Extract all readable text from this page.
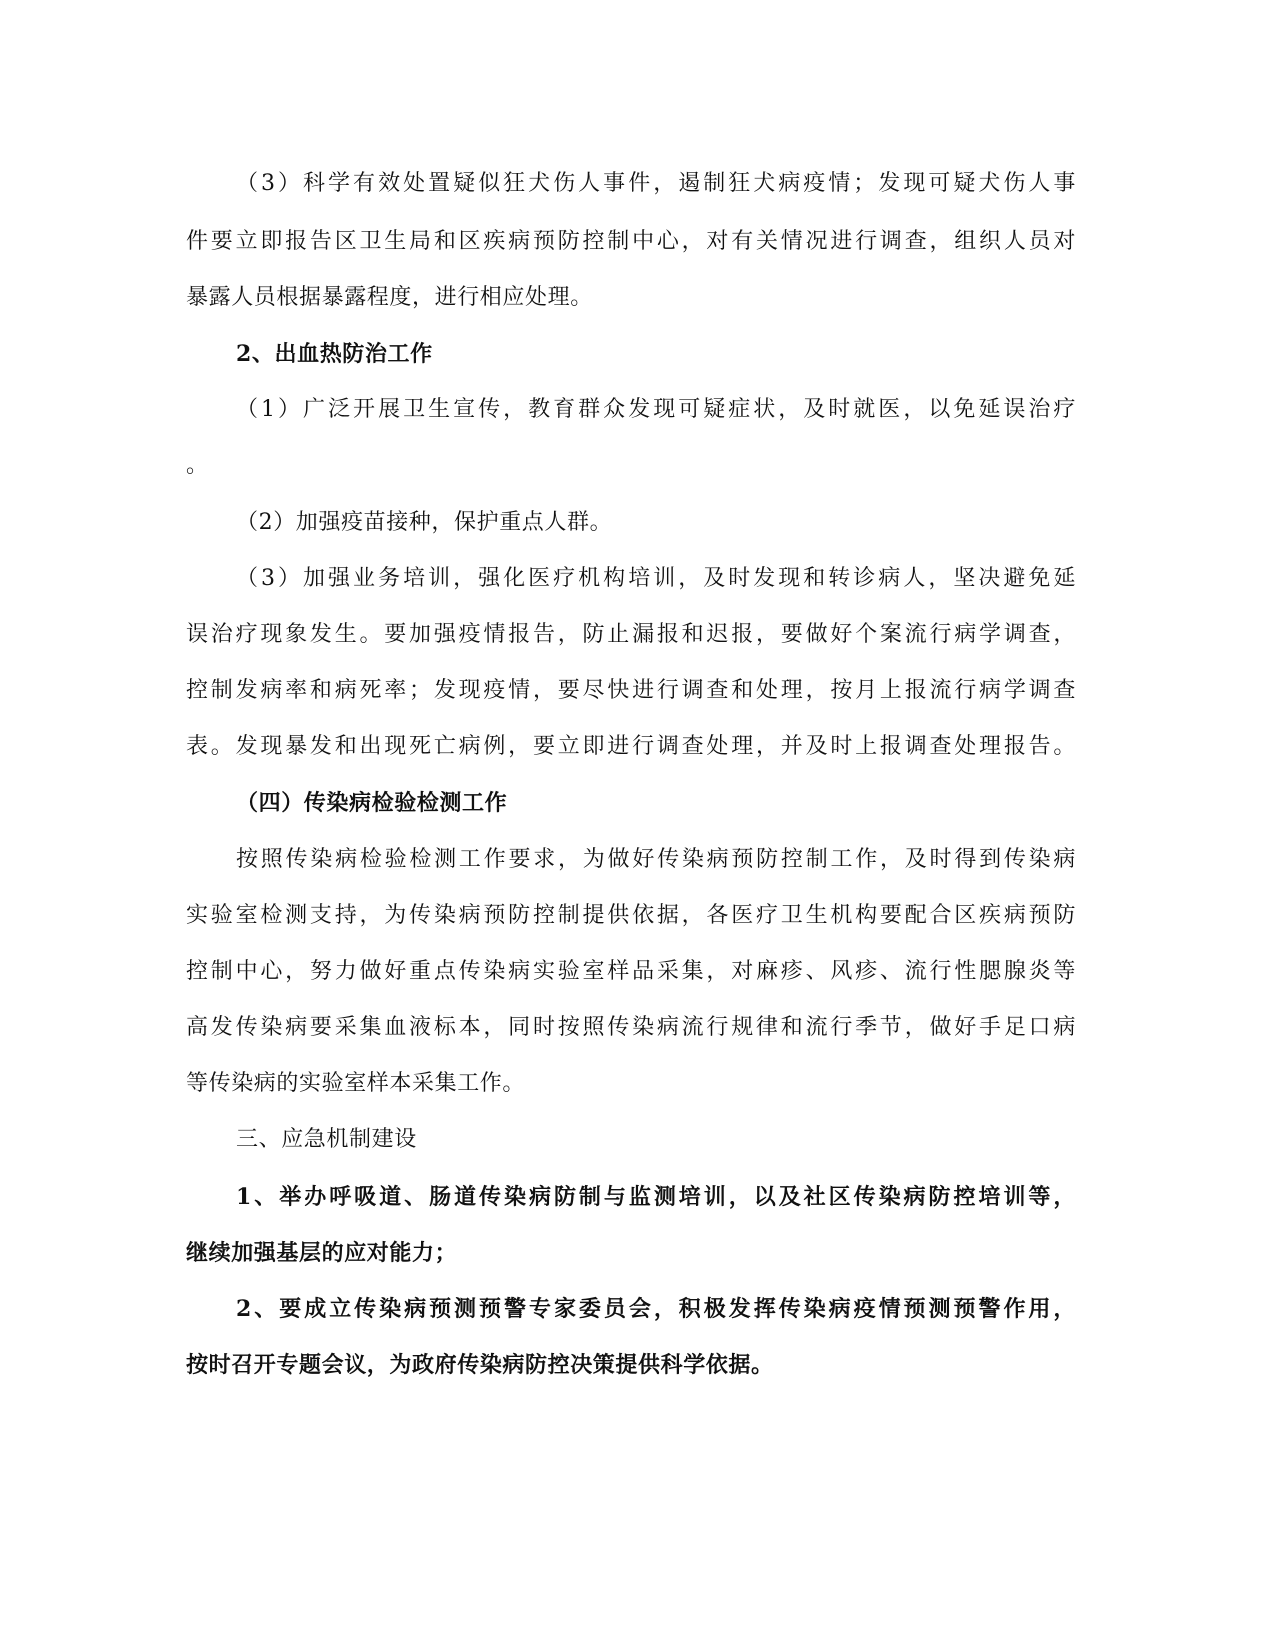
（3）科学有效处置疑似狂犬伤人事件，遏制狂犬病疫情；发现可疑犬伤人事
件要立即报告区卫生局和区疾病预防控制中心，对有关情况进行调查，组织人员对
暴露人员根据暴露程度，进行相应处理。
2、出血热防治工作
（1）广泛开展卫生宣传，教育群众发现可疑症状，及时就医，以免延误治疗
。
（2）加强疫苗接种，保护重点人群。
（3）加强业务培训，强化医疗机构培训，及时发现和转诊病人，坚决避免延
误治疗现象发生。要加强疫情报告，防止漏报和迟报，要做好个案流行病学调查，
控制发病率和病死率；发现疫情，要尽快进行调查和处理，按月上报流行病学调查
表。发现暴发和出现死亡病例，要立即进行调查处理，并及时上报调查处理报告。
（四）传染病检验检测工作
按照传染病检验检测工作要求，为做好传染病预防控制工作，及时得到传染病
实验室检测支持，为传染病预防控制提供依据，各医疗卫生机构要配合区疾病预防
控制中心，努力做好重点传染病实验室样品采集，对麻疹、风疹、流行性腮腺炎等
高发传染病要采集血液标本，同时按照传染病流行规律和流行季节，做好手足口病
等传染病的实验室样本采集工作。
三、应急机制建设
1、举办呼吸道、肠道传染病防制与监测培训，以及社区传染病防控培训等，
继续加强基层的应对能力；
2、要成立传染病预测预警专家委员会，积极发挥传染病疫情预测预警作用，
按时召开专题会议，为政府传染病防控决策提供科学依据。
